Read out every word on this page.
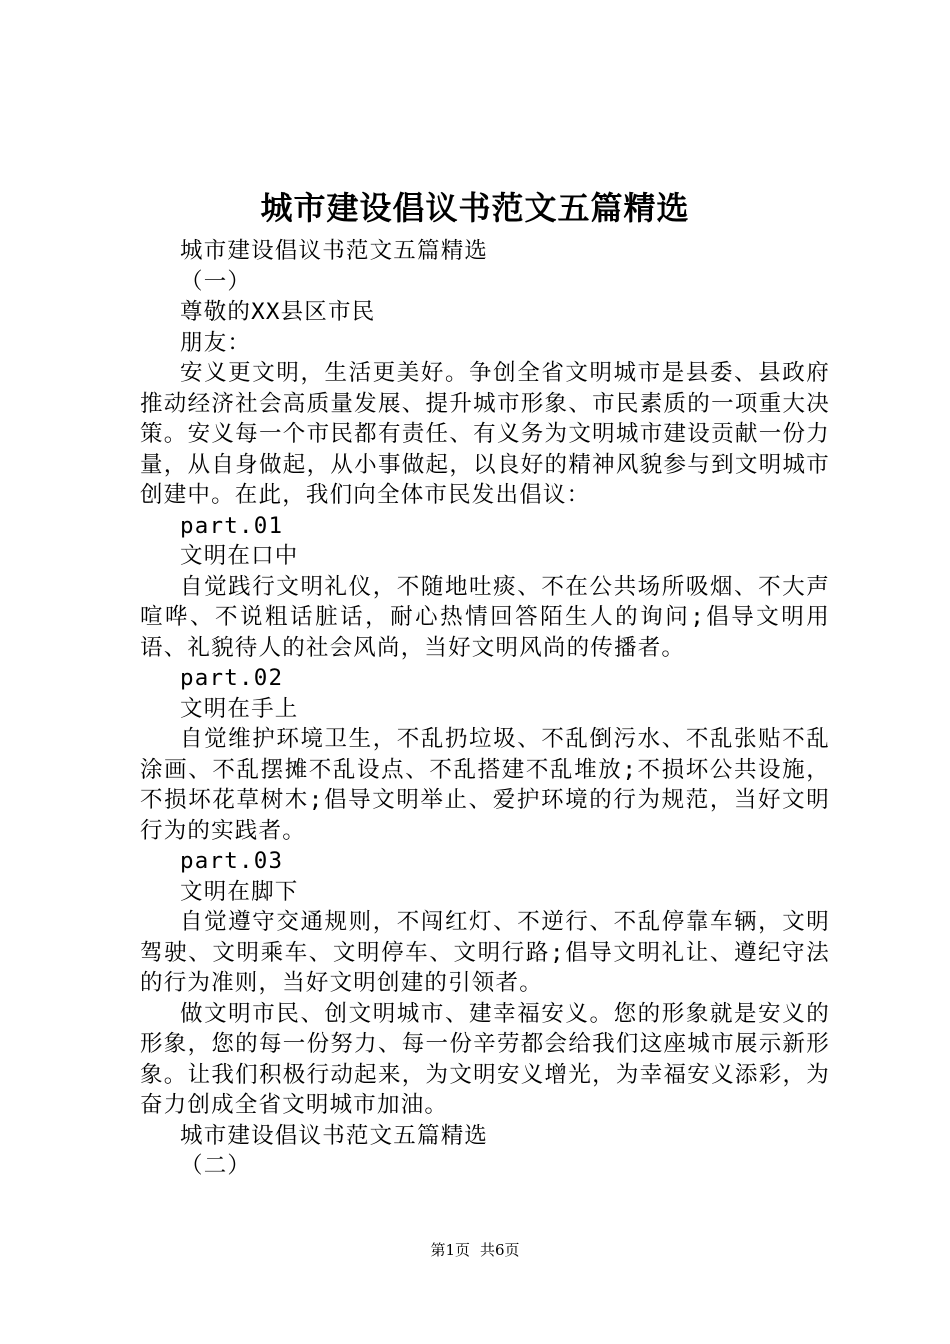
城市建设倡议书范文五篇精选

城市建设倡议书范文五篇精选

（一）

尊敬的XX县区市民

朋友：

安义更文明，生活更美好。争创全省文明城市是县委、县政府推动经济社会高质量发展、提升城市形象、市民素质的一项重大决策。安义每一个市民都有责任、有义务为文明城市建设贡献一份力量，从自身做起，从小事做起，以良好的精神风貌参与到文明城市创建中。在此，我们向全体市民发出倡议：

part.01

文明在口中

自觉践行文明礼仪，不随地吐痰、不在公共场所吸烟、不大声喧哗、不说粗话脏话，耐心热情回答陌生人的询问;倡导文明用语、礼貌待人的社会风尚，当好文明风尚的传播者。

part.02

文明在手上

自觉维护环境卫生，不乱扔垃圾、不乱倒污水、不乱张贴不乱涂画、不乱摆摊不乱设点、不乱搭建不乱堆放;不损坏公共设施，不损坏花草树木;倡导文明举止、爱护环境的行为规范，当好文明行为的实践者。

part.03

文明在脚下

自觉遵守交通规则，不闯红灯、不逆行、不乱停靠车辆，文明驾驶、文明乘车、文明停车、文明行路;倡导文明礼让、遵纪守法的行为准则，当好文明创建的引领者。

做文明市民、创文明城市、建幸福安义。您的形象就是安义的形象，您的每一份努力、每一份辛劳都会给我们这座城市展示新形象。让我们积极行动起来，为文明安义增光，为幸福安义添彩，为奋力创成全省文明城市加油。

城市建设倡议书范文五篇精选

（二）

第1页 共6页
